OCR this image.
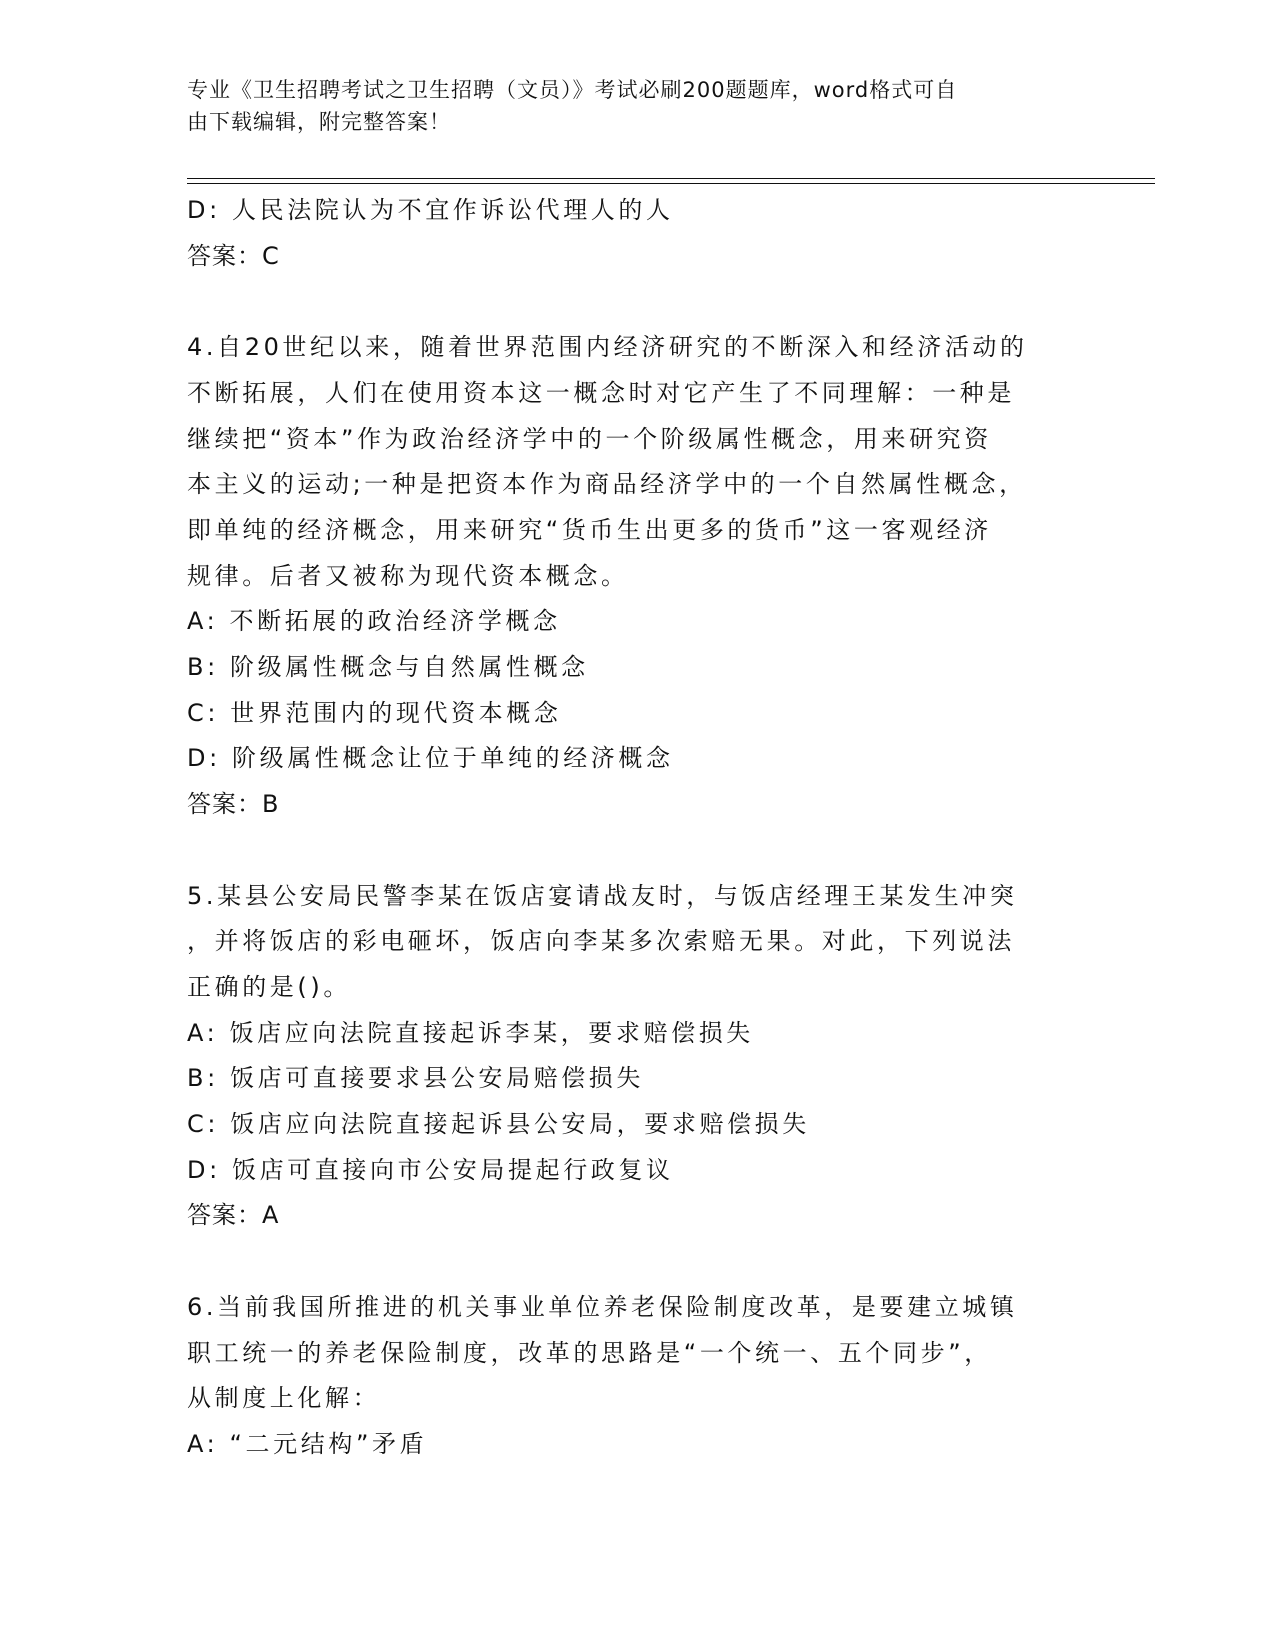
专业《卫生招聘考试之卫生招聘（文员）》考试必刷200题题库，word格式可自
由下载编辑，附完整答案！

D: 人民法院认为不宜作诉讼代理人的人

答案：C

4.自20世纪以来，随着世界范围内经济研究的不断深入和经济活动的

不断拓展，人们在使用资本这一概念时对它产生了不同理解：一种是

继续把“资本”作为政治经济学中的一个阶级属性概念，用来研究资

本主义的运动;一种是把资本作为商品经济学中的一个自然属性概念，

即单纯的经济概念，用来研究“货币生出更多的货币”这一客观经济

规律。后者又被称为现代资本概念。

A: 不断拓展的政治经济学概念

B: 阶级属性概念与自然属性概念

C: 世界范围内的现代资本概念

D: 阶级属性概念让位于单纯的经济概念

答案：B

5.某县公安局民警李某在饭店宴请战友时，与饭店经理王某发生冲突

，并将饭店的彩电砸坏，饭店向李某多次索赔无果。对此，下列说法

正确的是()。

A: 饭店应向法院直接起诉李某，要求赔偿损失

B: 饭店可直接要求县公安局赔偿损失

C: 饭店应向法院直接起诉县公安局，要求赔偿损失

D: 饭店可直接向市公安局提起行政复议

答案：A

6.当前我国所推进的机关事业单位养老保险制度改革，是要建立城镇

职工统一的养老保险制度，改革的思路是“一个统一、五个同步”，

从制度上化解：

A: “二元结构”矛盾
